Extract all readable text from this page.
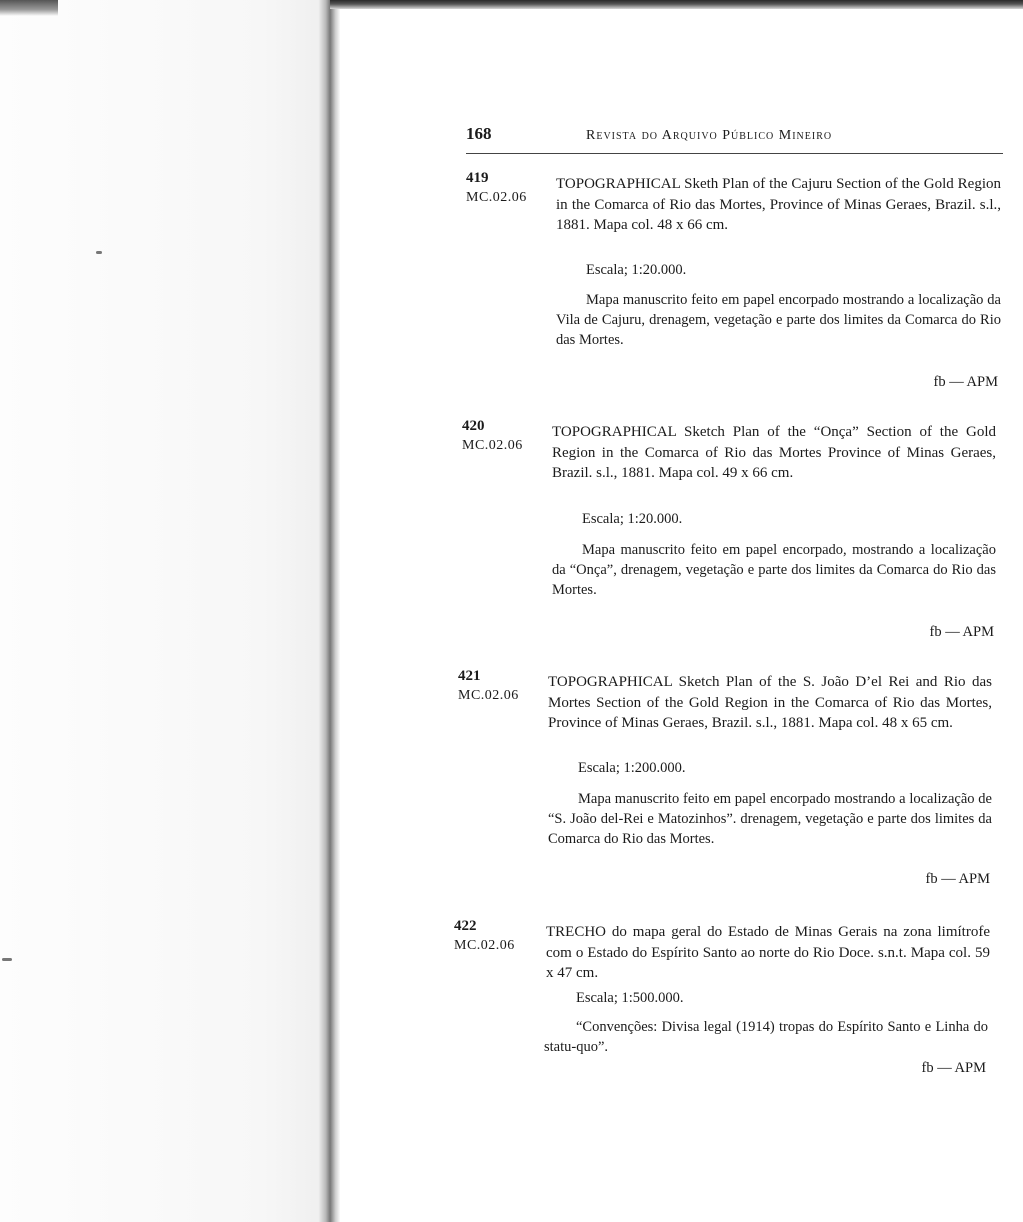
168	Revista do Arquivo Público Mineiro
419
MC.02.06
TOPOGRAPHICAL Sketh Plan of the Cajuru Section of the Gold Region in the Comarca of Rio das Mortes, Province of Minas Geraes, Brazil. s.l., 1881. Mapa col. 48 x 66 cm.
Escala; 1:20.000.
Mapa manuscrito feito em papel encorpado mostrando a localização da Vila de Cajuru, drenagem, vegetação e parte dos limites da Comarca do Rio das Mortes.
fb — APM
420
MC.02.06
TOPOGRAPHICAL Sketch Plan of the “Onça” Section of the Gold Region in the Comarca of Rio das Mortes Province of Minas Geraes, Brazil. s.l., 1881. Mapa col. 49 x 66 cm.
Escala; 1:20.000.
Mapa manuscrito feito em papel encorpado, mostrando a localização da “Onça”, drenagem, vegetação e parte dos limites da Comarca do Rio das Mortes.
fb — APM
421
MC.02.06
TOPOGRAPHICAL Sketch Plan of the S. João D’el Rei and Rio das Mortes Section of the Gold Region in the Comarca of Rio das Mortes, Province of Minas Geraes, Brazil. s.l., 1881. Mapa col. 48 x 65 cm.
Escala; 1:200.000.
Mapa manuscrito feito em papel encorpado mostrando a localização de “S. João del-Rei e Matozinhos”. drenagem, vegetação e parte dos limites da Comarca do Rio das Mortes.
fb — APM
422
MC.02.06
TRECHO do mapa geral do Estado de Minas Gerais na zona limítrofe com o Estado do Espírito Santo ao norte do Rio Doce. s.n.t. Mapa col. 59 x 47 cm.
Escala; 1:500.000.
“Convenções: Divisa legal (1914) tropas do Espírito Santo e Linha do statu-quo”.
fb — APM
